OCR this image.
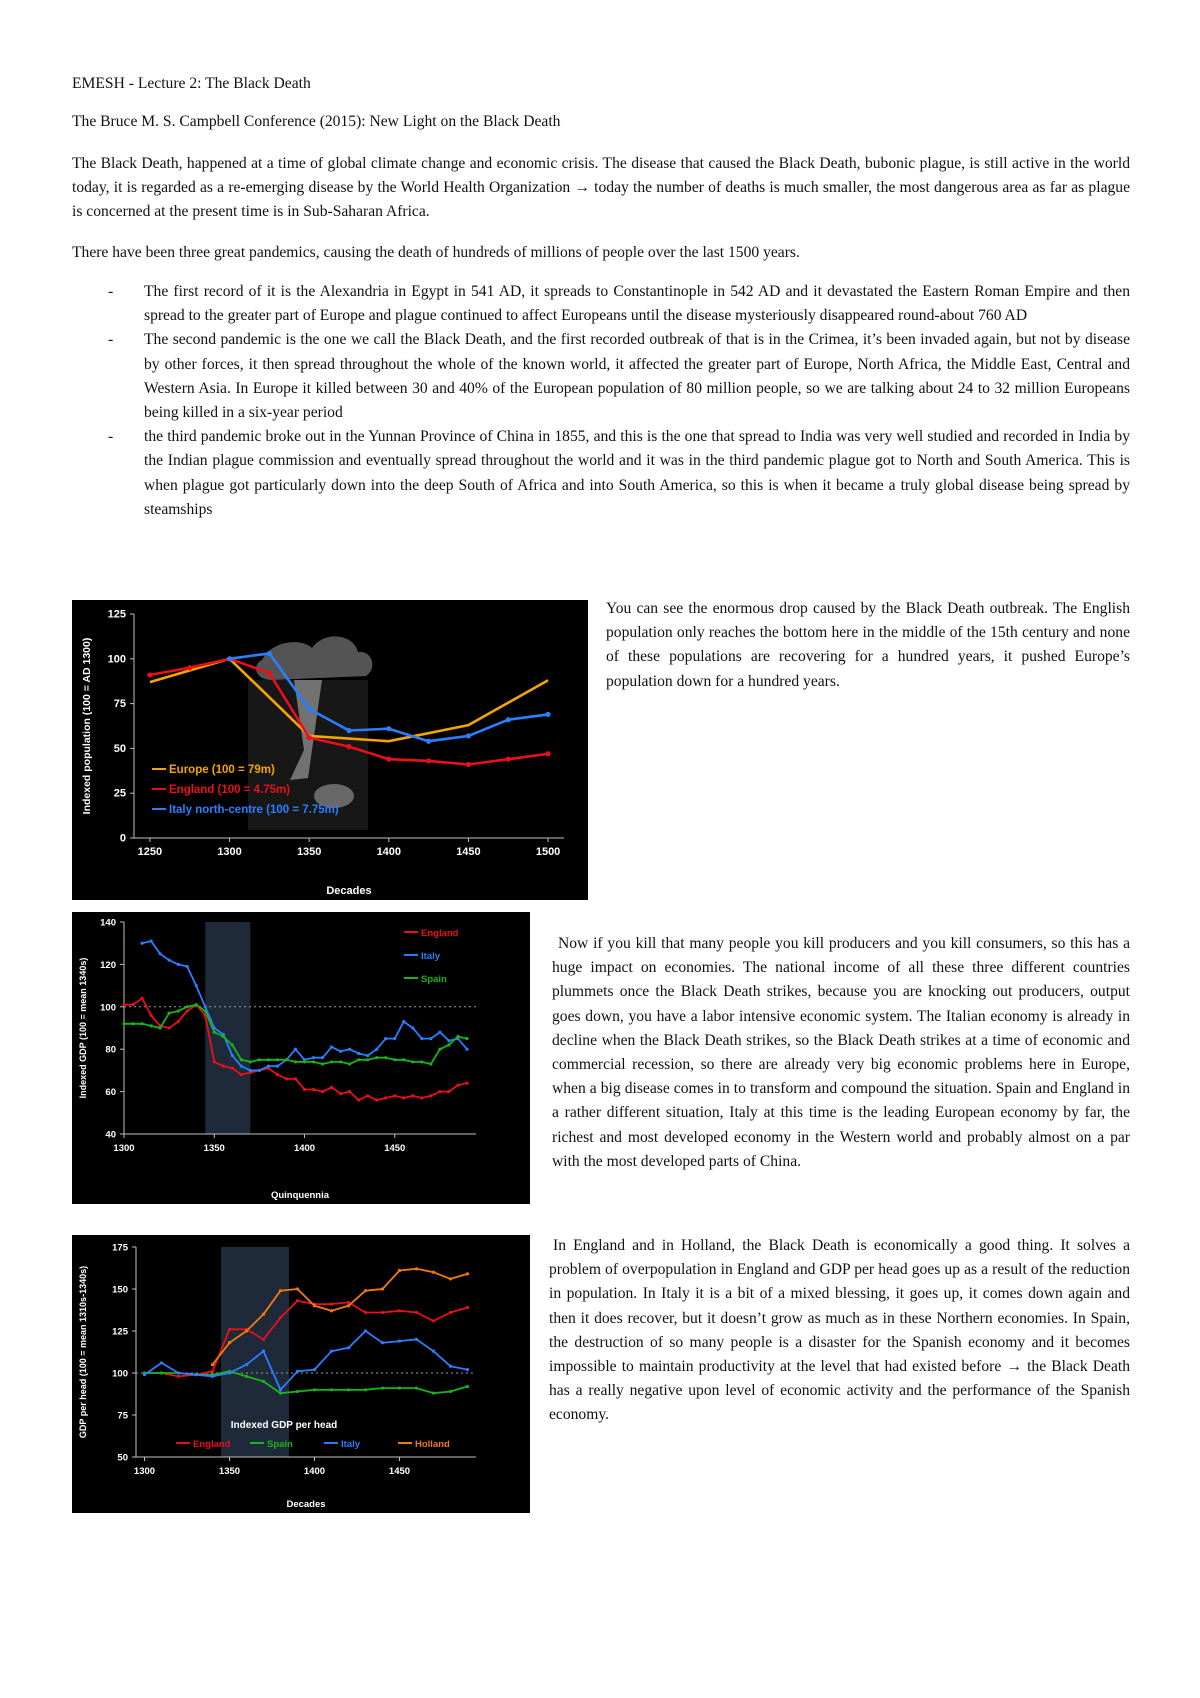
EMESH - Lecture 2: The Black Death

The Bruce M. S. Campbell Conference (2015): New Light on the Black Death

The Black Death, happened at a time of global climate change and economic crisis. The disease that caused the Black Death, bubonic plague, is still active in the world today, it is regarded as a re-emerging disease by the World Health Organization → today the number of deaths is much smaller, the most dangerous area as far as plague is concerned at the present time is in Sub-Saharan Africa.

There have been three great pandemics, causing the death of hundreds of millions of people over the last 1500 years.

- The first record of it is the Alexandria in Egypt in 541 AD, it spreads to Constantinople in 542 AD and it devastated the Eastern Roman Empire and then spread to the greater part of Europe and plague continued to affect Europeans until the disease mysteriously disappeared round-about 760 AD
- The second pandemic is the one we call the Black Death, and the first recorded outbreak of that is in the Crimea, it’s been invaded again, but not by disease by other forces, it then spread throughout the whole of the known world, it affected the greater part of Europe, North Africa, the Middle East, Central and Western Asia. In Europe it killed between 30 and 40% of the European population of 80 million people, so we are talking about 24 to 32 million Europeans being killed in a six-year period
- the third pandemic broke out in the Yunnan Province of China in 1855, and this is the one that spread to India was very well studied and recorded in India by the Indian plague commission and eventually spread throughout the world and it was in the third pandemic plague got to North and South America. This is when plague got particularly down into the deep South of Africa and into South America, so this is when it became a truly global disease being spread by steamships
0
25
50
75
100
125
1250	1300	1350	1400	1450	1500
Decades
Indexed population (100 = AD 1300)	Europe (100 = 79m)
England (100 = 4.75m)
Italy north-centre (100 = 7.75m)

You can see the enormous drop caused by the Black Death outbreak. The English population only reaches the bottom here in the middle of the 15th century and none of these populations are recovering for a hundred years, it pushed Europe’s population down for a hundred years.

40
60
80
100
120
140
1300	1350	1400	1450
Quinquennia
Indexed GDP (100 = mean 1340s)
England
Italy
Spain

Now if you kill that many people you kill producers and you kill consumers, so this has a huge impact on economies. The national income of all these three different countries plummets once the Black Death strikes, because you are knocking out producers, output goes down, you have a labor intensive economic system. The Italian economy is already in decline when the Black Death strikes, so the Black Death strikes at a time of economic and commercial recession, so there are already very big economic problems here in Europe, when a big disease comes in to transform and compound the situation. Spain and England in a rather different situation, Italy at this time is the leading European economy by far, the richest and most developed economy in the Western world and probably almost on a par with the most developed parts of China.

50
75
100
125
150
175
1300	1350	1400	1450
Decades
GDP per head (100 = mean 1310s-1340s)
England	Spain	Italy	Holland
Indexed GDP per head

In England and in Holland, the Black Death is economically a good thing. It solves a problem of overpopulation in England and GDP per head goes up as a result of the reduction in population. In Italy it is a bit of a mixed blessing, it goes up, it comes down again and then it does recover, but it doesn’t grow as much as in these Northern economies. In Spain, the destruction of so many people is a disaster for the Spanish economy and it becomes impossible to maintain productivity at the level that had existed before → the Black Death has a really negative upon level of economic activity and the performance of the Spanish economy.
